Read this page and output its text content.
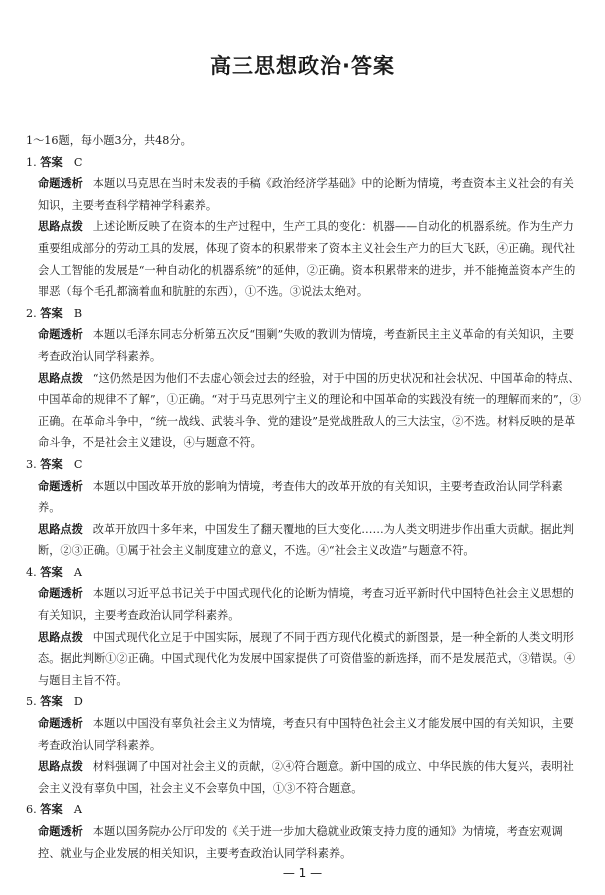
高三思想政治·答案

1～16题，每小题3分，共48分。

1. 答案  C

命题透析 本题以马克思在当时未发表的手稿《政治经济学基础》中的论断为情境，考查资本主义社会的有关知识，主要考查科学精神学科素养。

思路点拨 上述论断反映了在资本的生产过程中，生产工具的变化：机器——自动化的机器系统。作为生产力重要组成部分的劳动工具的发展，体现了资本的积累带来了资本主义社会生产力的巨大飞跃，④正确。现代社会人工智能的发展是“一种自动化的机器系统”的延伸，②正确。资本积累带来的进步，并不能掩盖资本产生的罪恶（每个毛孔都滴着血和肮脏的东西），①不选。③说法太绝对。

2. 答案  B

命题透析 本题以毛泽东同志分析第五次反“围剿”失败的教训为情境，考查新民主主义革命的有关知识，主要考查政治认同学科素养。

思路点拨 “这仍然是因为他们不去虚心领会过去的经验，对于中国的历史状况和社会状况、中国革命的特点、中国革命的规律不了解”，①正确。“对于马克思列宁主义的理论和中国革命的实践没有统一的理解而来的”，③正确。在革命斗争中，“统一战线、武装斗争、党的建设”是党战胜敌人的三大法宝，②不选。材料反映的是革命斗争，不是社会主义建设，④与题意不符。

3. 答案  C

命题透析 本题以中国改革开放的影响为情境，考查伟大的改革开放的有关知识，主要考查政治认同学科素养。

思路点拨 改革开放四十多年来，中国发生了翻天覆地的巨大变化……为人类文明进步作出重大贡献。据此判断，②③正确。①属于社会主义制度建立的意义，不选。④“社会主义改造”与题意不符。

4. 答案  A

命题透析 本题以习近平总书记关于中国式现代化的论断为情境，考查习近平新时代中国特色社会主义思想的有关知识，主要考查政治认同学科素养。

思路点拨 中国式现代化立足于中国实际，展现了不同于西方现代化模式的新图景，是一种全新的人类文明形态。据此判断①②正确。中国式现代化为发展中国家提供了可资借鉴的新选择，而不是发展范式，③错误。④与题目主旨不符。

5. 答案  D

命题透析 本题以中国没有辜负社会主义为情境，考查只有中国特色社会主义才能发展中国的有关知识，主要考查政治认同学科素养。

思路点拨 材料强调了中国对社会主义的贡献，②④符合题意。新中国的成立、中华民族的伟大复兴，表明社会主义没有辜负中国，社会主义不会辜负中国，①③不符合题意。

6. 答案  A

命题透析 本题以国务院办公厅印发的《关于进一步加大稳就业政策支持力度的通知》为情境，考查宏观调控、就业与企业发展的相关知识，主要考查政治认同学科素养。

— 1 —
